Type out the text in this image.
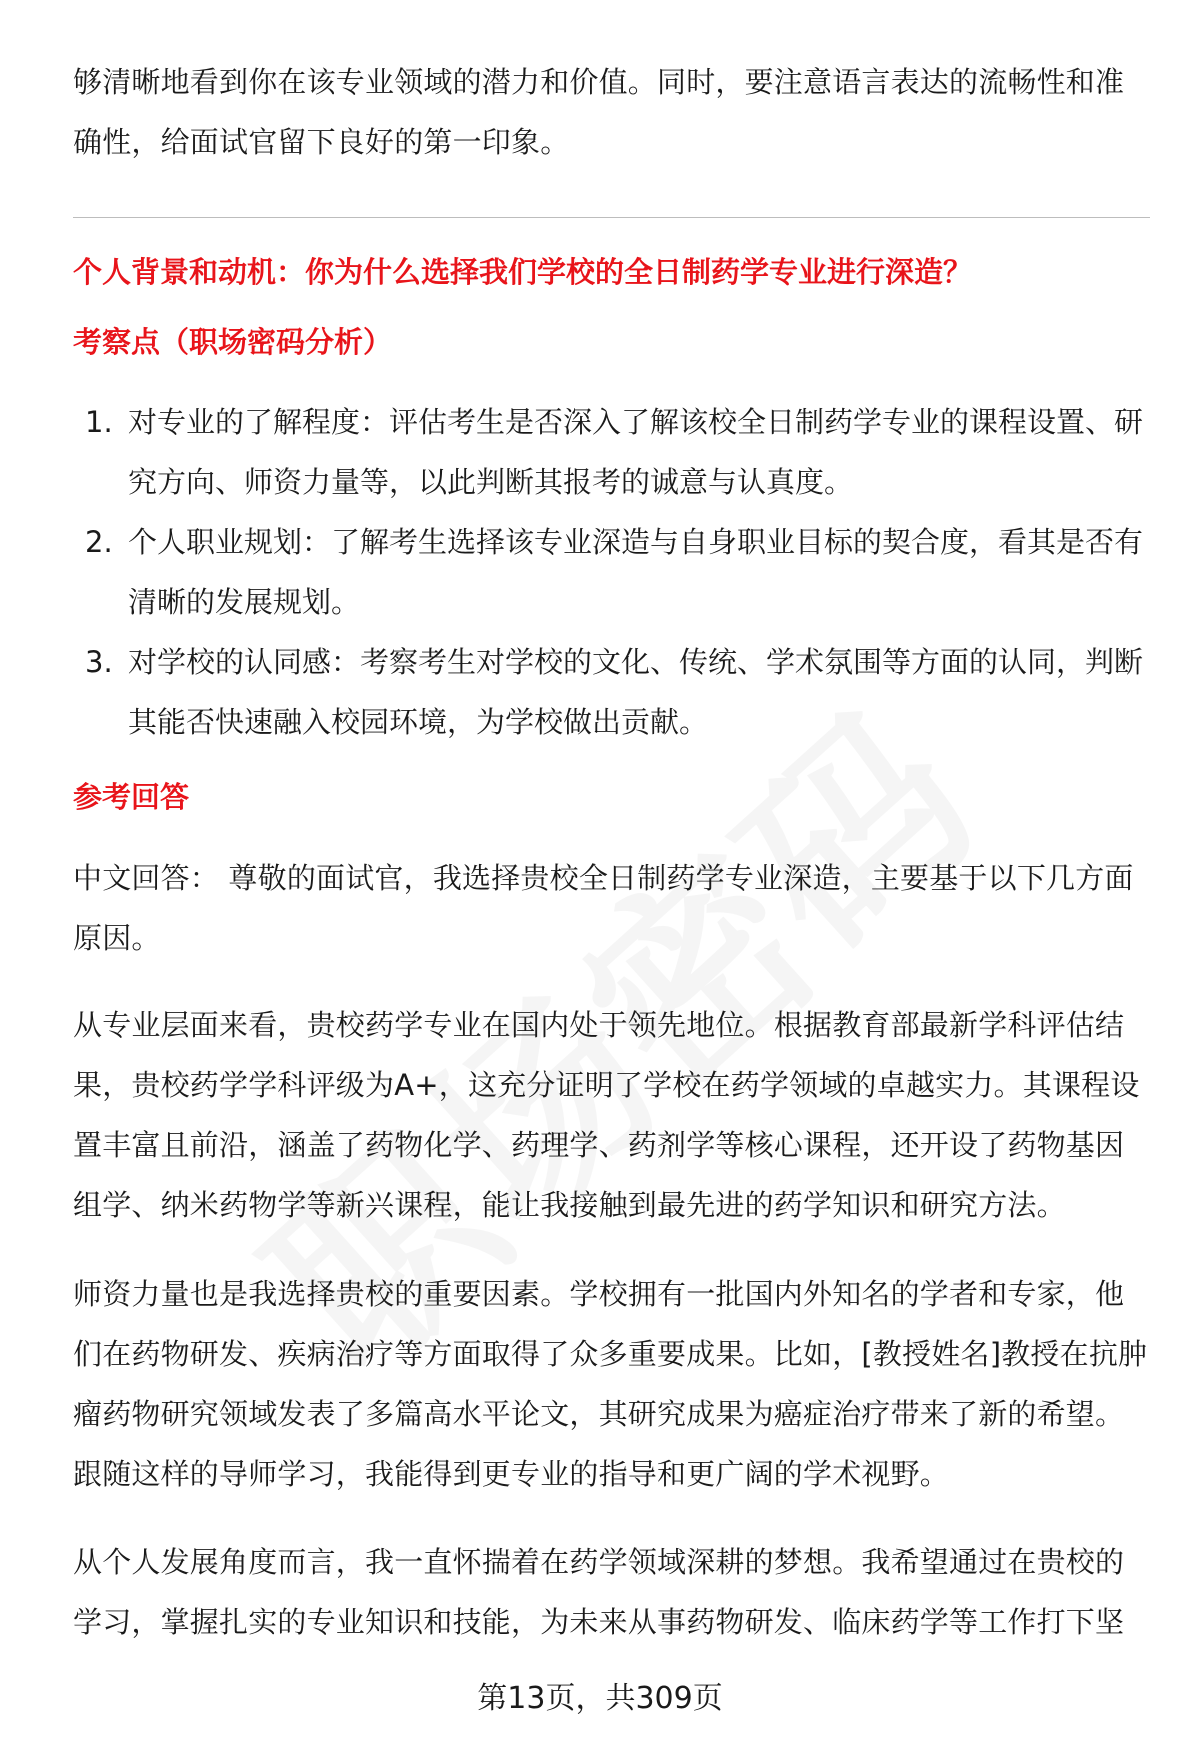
够清晰地看到你在该专业领域的潜力和价值。同时，要注意语言表达的流畅性和准确性，给面试官留下良好的第一印象。

个人背景和动机：你为什么选择我们学校的全日制药学专业进行深造？

考察点（职场密码分析）

1. 对专业的了解程度：评估考生是否深入了解该校全日制药学专业的课程设置、研究方向、师资力量等，以此判断其报考的诚意与认真度。
2. 个人职业规划：了解考生选择该专业深造与自身职业目标的契合度，看其是否有清晰的发展规划。
3. 对学校的认同感：考察考生对学校的文化、传统、学术氛围等方面的认同，判断其能否快速融入校园环境，为学校做出贡献。

参考回答

中文回答： 尊敬的面试官，我选择贵校全日制药学专业深造，主要基于以下几方面原因。

从专业层面来看，贵校药学专业在国内处于领先地位。根据教育部最新学科评估结果，贵校药学学科评级为A+，这充分证明了学校在药学领域的卓越实力。其课程设置丰富且前沿，涵盖了药物化学、药理学、药剂学等核心课程，还开设了药物基因组学、纳米药物学等新兴课程，能让我接触到最先进的药学知识和研究方法。

师资力量也是我选择贵校的重要因素。学校拥有一批国内外知名的学者和专家，他们在药物研发、疾病治疗等方面取得了众多重要成果。比如，[教授姓名]教授在抗肿瘤药物研究领域发表了多篇高水平论文，其研究成果为癌症治疗带来了新的希望。跟随这样的导师学习，我能得到更专业的指导和更广阔的学术视野。

从个人发展角度而言，我一直怀揣着在药学领域深耕的梦想。我希望通过在贵校的学习，掌握扎实的专业知识和技能，为未来从事药物研发、临床药学等工作打下坚

第13页，共309页
